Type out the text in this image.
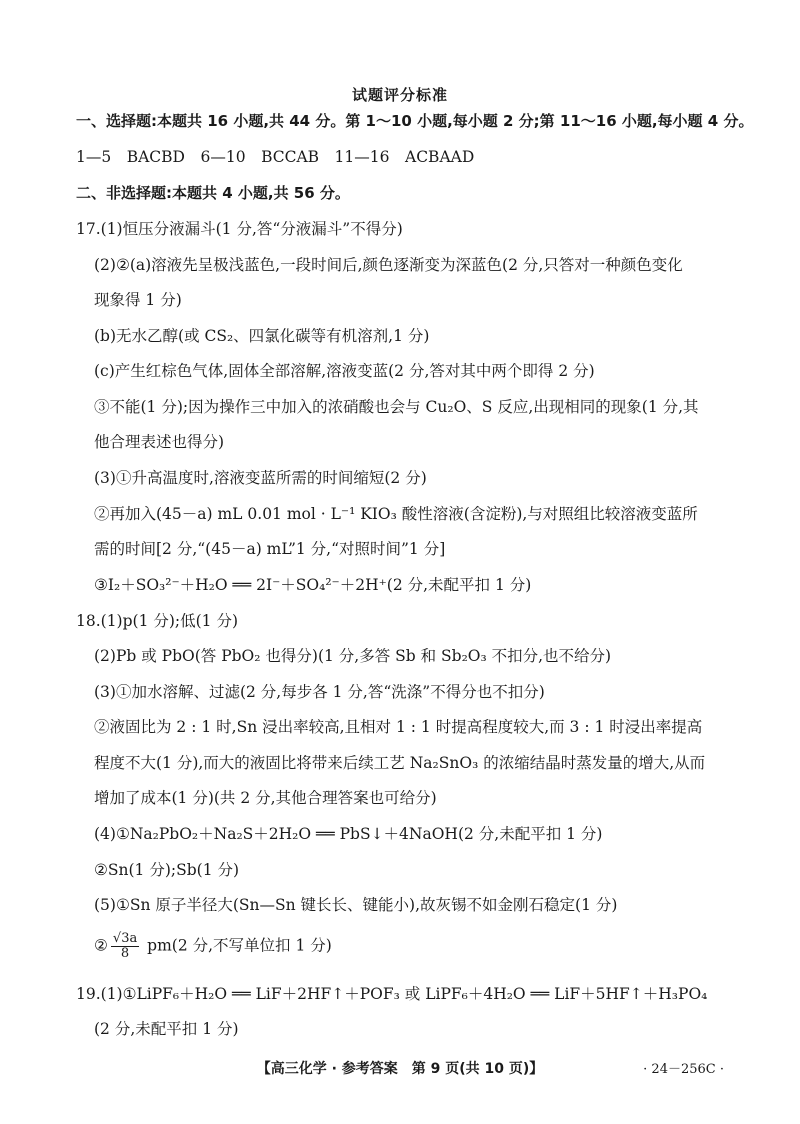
试题评分标准
一、选择题:本题共 16 小题,共 44 分。第 1～10 小题,每小题 2 分;第 11～16 小题,每小题 4 分。
1—5　BACBD　6—10　BCCAB　11—16　ACBAAD
二、非选择题:本题共 4 小题,共 56 分。
17.(1)恒压分液漏斗(1 分,答“分液漏斗”不得分)
(2)②(a)溶液先呈极浅蓝色,一段时间后,颜色逐渐变为深蓝色(2 分,只答对一种颜色变化
现象得 1 分)
(b)无水乙醇(或 CS₂、四氯化碳等有机溶剂,1 分)
(c)产生红棕色气体,固体全部溶解,溶液变蓝(2 分,答对其中两个即得 2 分)
③不能(1 分);因为操作三中加入的浓硝酸也会与 Cu₂O、S 反应,出现相同的现象(1 分,其
他合理表述也得分)
(3)①升高温度时,溶液变蓝所需的时间缩短(2 分)
②再加入(45－a) mL 0.01 mol · L⁻¹ KIO₃ 酸性溶液(含淀粉),与对照组比较溶液变蓝所
需的时间[2 分,“(45－a) mL”1 分,“对照时间”1 分]
③I₂＋SO₃²⁻＋H₂O ══ 2I⁻＋SO₄²⁻＋2H⁺(2 分,未配平扣 1 分)
18.(1)p(1 分);低(1 分)
(2)Pb 或 PbO(答 PbO₂ 也得分)(1 分,多答 Sb 和 Sb₂O₃ 不扣分,也不给分)
(3)①加水溶解、过滤(2 分,每步各 1 分,答“洗涤”不得分也不扣分)
②液固比为 2 : 1 时,Sn 浸出率较高,且相对 1 : 1 时提高程度较大,而 3 : 1 时浸出率提高
程度不大(1 分),而大的液固比将带来后续工艺 Na₂SnO₃ 的浓缩结晶时蒸发量的增大,从而
增加了成本(1 分)(共 2 分,其他合理答案也可给分)
(4)①Na₂PbO₂＋Na₂S＋2H₂O ══ PbS↓＋4NaOH(2 分,未配平扣 1 分)
②Sn(1 分);Sb(1 分)
(5)①Sn 原子半径大(Sn—Sn 键长长、键能小),故灰锡不如金刚石稳定(1 分)
② $\frac{√3a}{8} pm(2$ 分,不写单位扣 1 分)
19.(1)①LiPF₆＋H₂O ══ LiF＋2HF↑＋POF₃ 或 LiPF₆＋4H₂O ══ LiF＋5HF↑＋H₃PO₄
(2 分,未配平扣 1 分)
【高三化学 · 参考答案　第 9 页(共 10 页)】	· 24－256C ·
